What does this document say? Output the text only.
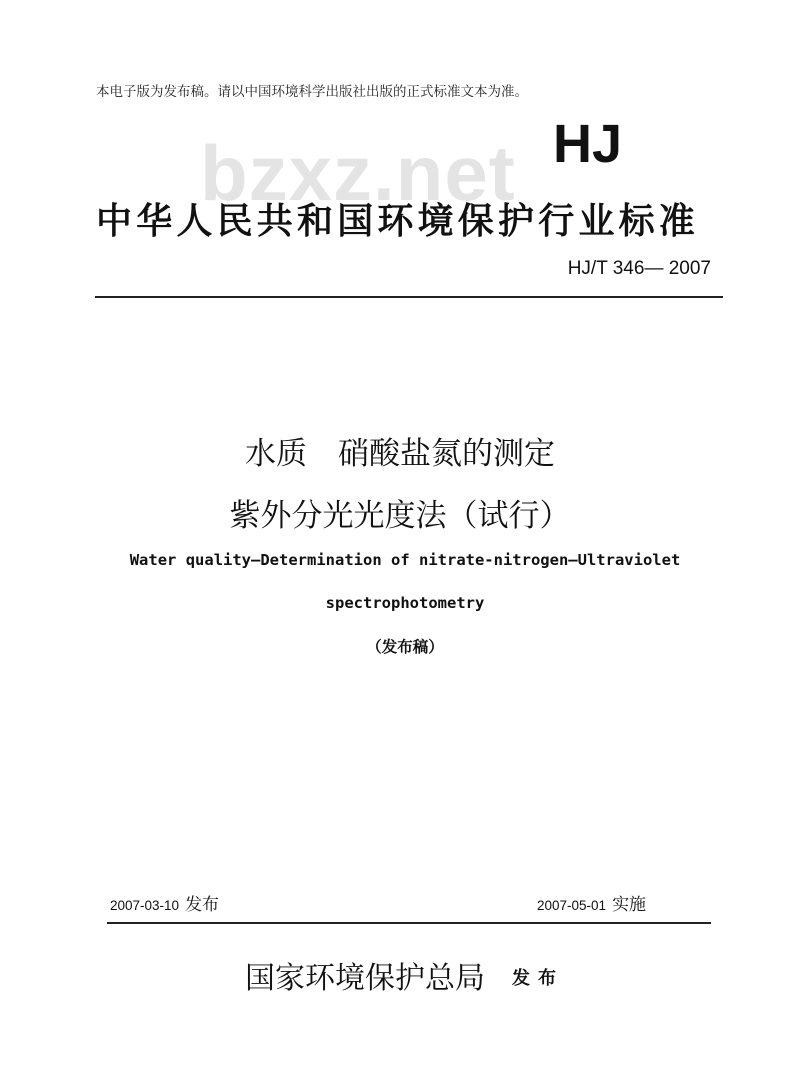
本电子版为发布稿。请以中国环境科学出版社出版的正式标准文本为准。
bzxz.net HJ
中华人民共和国环境保护行业标准
HJ/T 346— 2007
水质　硝酸盐氮的测定
紫外分光光度法（试行）
Water quality—Determination of nitrate-nitrogen—Ultraviolet
spectrophotometry
（发布稿）
2007-03-10 发布	2007-05-01 实施
国家环境保护总局 发布
